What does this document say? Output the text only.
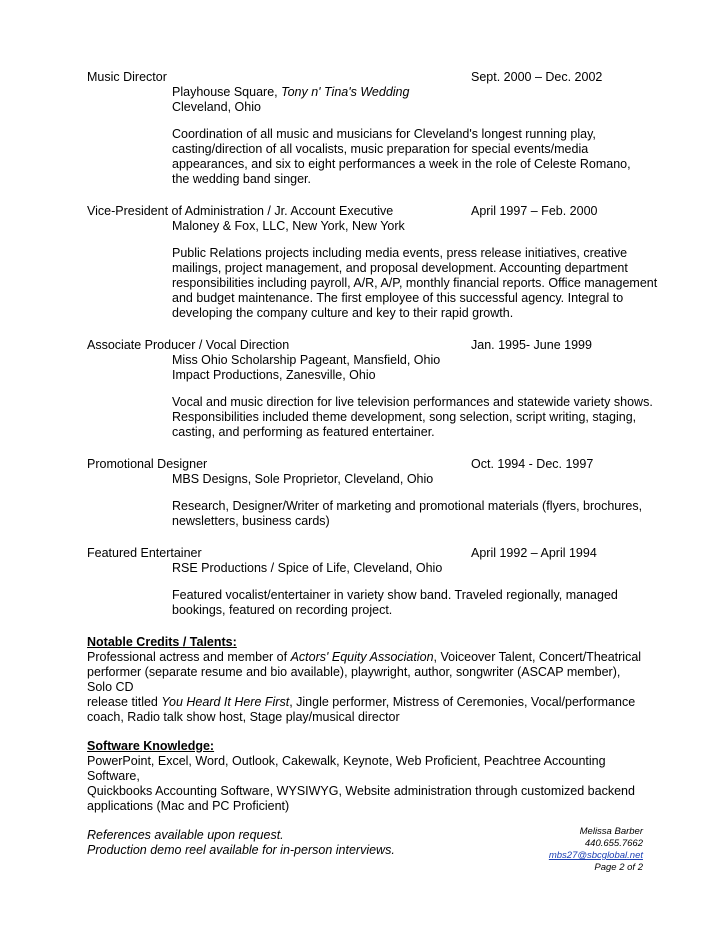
Music Director	Sept. 2000 – Dec. 2002
Playhouse Square, Tony n' Tina's Wedding
Cleveland, Ohio
Coordination of all music and musicians for Cleveland's longest running play,
casting/direction of all vocalists, music preparation for special events/media
appearances, and six to eight performances a week in the role of Celeste Romano,
the wedding band singer.
Vice-President of Administration / Jr. Account Executive	April 1997 – Feb. 2000
Maloney & Fox, LLC, New York, New York
Public Relations projects including media events, press release initiatives, creative
mailings, project management, and proposal development. Accounting department
responsibilities including payroll, A/R, A/P, monthly financial reports. Office management
and budget maintenance. The first employee of this successful agency. Integral to
developing the company culture and key to their rapid growth.
Associate Producer / Vocal Direction	Jan. 1995- June 1999
Miss Ohio Scholarship Pageant, Mansfield, Ohio
Impact Productions, Zanesville, Ohio
Vocal and music direction for live television performances and statewide variety shows.
Responsibilities included theme development, song selection, script writing, staging,
casting, and performing as featured entertainer.
Promotional Designer	Oct. 1994 - Dec. 1997
MBS Designs, Sole Proprietor, Cleveland, Ohio
Research, Designer/Writer of marketing and promotional materials (flyers, brochures,
newsletters, business cards)
Featured Entertainer	April 1992 – April 1994
RSE Productions / Spice of Life, Cleveland, Ohio
Featured vocalist/entertainer in variety show band. Traveled regionally, managed
bookings, featured on recording project.
Notable Credits / Talents:
Professional actress and member of Actors' Equity Association, Voiceover Talent, Concert/Theatrical
performer (separate resume and bio available), playwright, author, songwriter (ASCAP member), Solo CD
release titled You Heard It Here First, Jingle performer, Mistress of Ceremonies, Vocal/performance
coach, Radio talk show host, Stage play/musical director
Software Knowledge:
PowerPoint, Excel, Word, Outlook, Cakewalk, Keynote, Web Proficient, Peachtree Accounting Software,
Quickbooks Accounting Software, WYSIWYG, Website administration through customized backend
applications (Mac and PC Proficient)
References available upon request.
Production demo reel available for in-person interviews.
Melissa Barber
440.655.7662
mbs27@sbcglobal.net
Page 2 of 2
